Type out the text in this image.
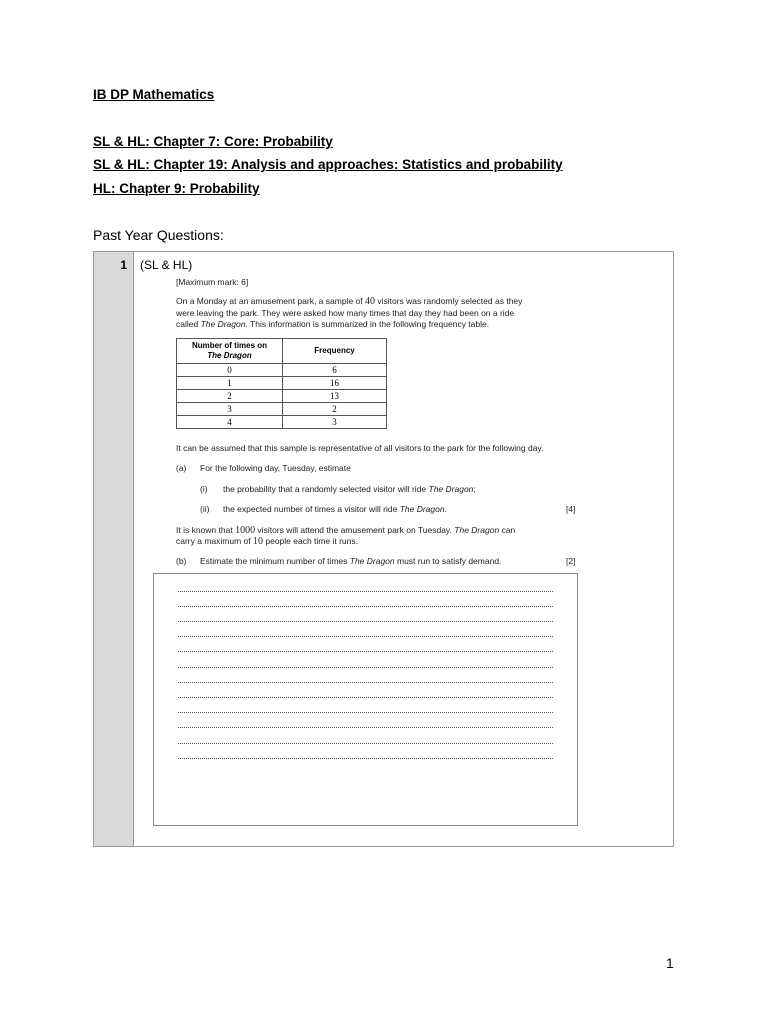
IB DP Mathematics
SL & HL: Chapter 7: Core: Probability
SL & HL: Chapter 19: Analysis and approaches: Statistics and probability
HL: Chapter 9: Probability

Past Year Questions:

1 (SL & HL)
[Maximum mark: 6]
On a Monday at an amusement park, a sample of 40 visitors was randomly selected as they
were leaving the park. They were asked how many times that day they had been on a ride
called The Dragon. This information is summarized in the following frequency table.
Number of times on
The Dragon	Frequency
0	6
1	16
2	13
3	2
4	3
It can be assumed that this sample is representative of all visitors to the park for the following day.
(a) For the following day, Tuesday, estimate
(i) the probability that a randomly selected visitor will ride The Dragon;
(ii) the expected number of times a visitor will ride The Dragon.	[4]
It is known that 1000 visitors will attend the amusement park on Tuesday. The Dragon can
carry a maximum of 10 people each time it runs.
(b) Estimate the minimum number of times The Dragon must run to satisfy demand.	[2]
1
